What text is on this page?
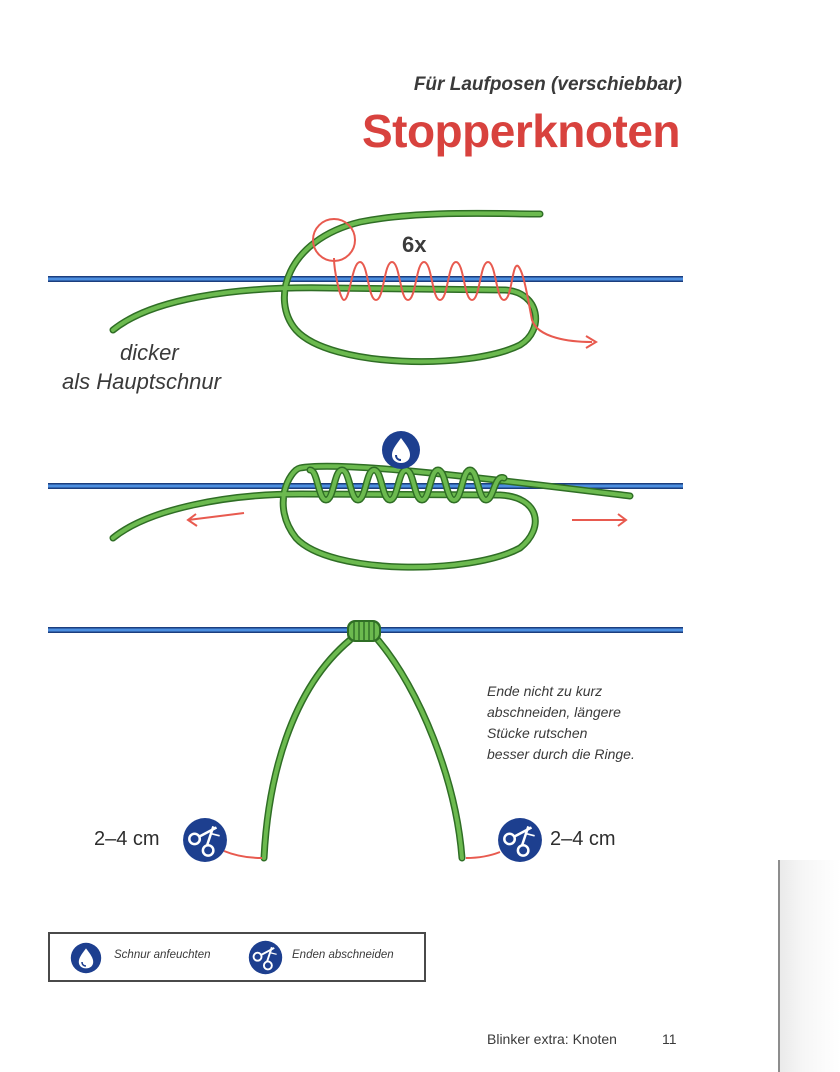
Für Laufposen (verschiebbar)
Stopperknoten
6x
dicker
als Hauptschnur
Ende nicht zu kurz
abschneiden, längere
Stücke rutschen
besser durch die Ringe.
2–4 cm	2–4 cm
Schnur anfeuchten	Enden abschneiden
Blinker extra: Knoten	11
